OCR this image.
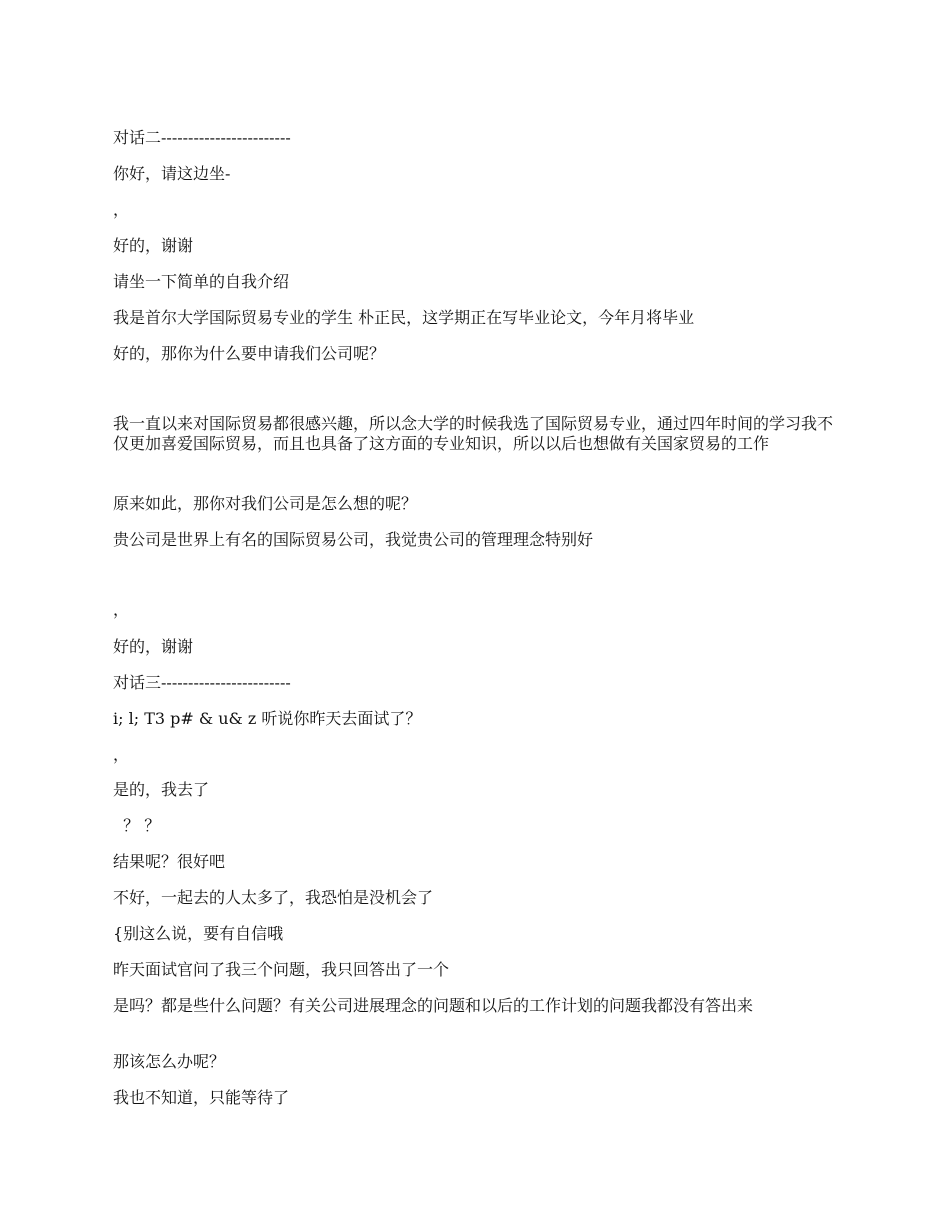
对话二------------------------
你好，请这边坐-
，
好的，谢谢
请坐一下简单的自我介绍
我是首尔大学国际贸易专业的学生 朴正民，这学期正在写毕业论文，今年月将毕业
好的，那你为什么要申请我们公司呢？
我一直以来对国际贸易都很感兴趣，所以念大学的时候我选了国际贸易专业，通过四年时间的学习我不仅更加喜爱国际贸易，而且也具备了这方面的专业知识，所以以后也想做有关国家贸易的工作
原来如此，那你对我们公司是怎么想的呢？
贵公司是世界上有名的国际贸易公司，我觉贵公司的管理理念特别好
，
好的，谢谢
对话三------------------------
i; l; T3 p# & u& z 听说你昨天去面试了？
，
是的，我去了
？ ？
结果呢？很好吧
不好，一起去的人太多了，我恐怕是没机会了
{别这么说，要有自信哦
昨天面试官问了我三个问题，我只回答出了一个
是吗？都是些什么问题？有关公司进展理念的问题和以后的工作计划的问题我都没有答出来
那该怎么办呢？
我也不知道，只能等待了
